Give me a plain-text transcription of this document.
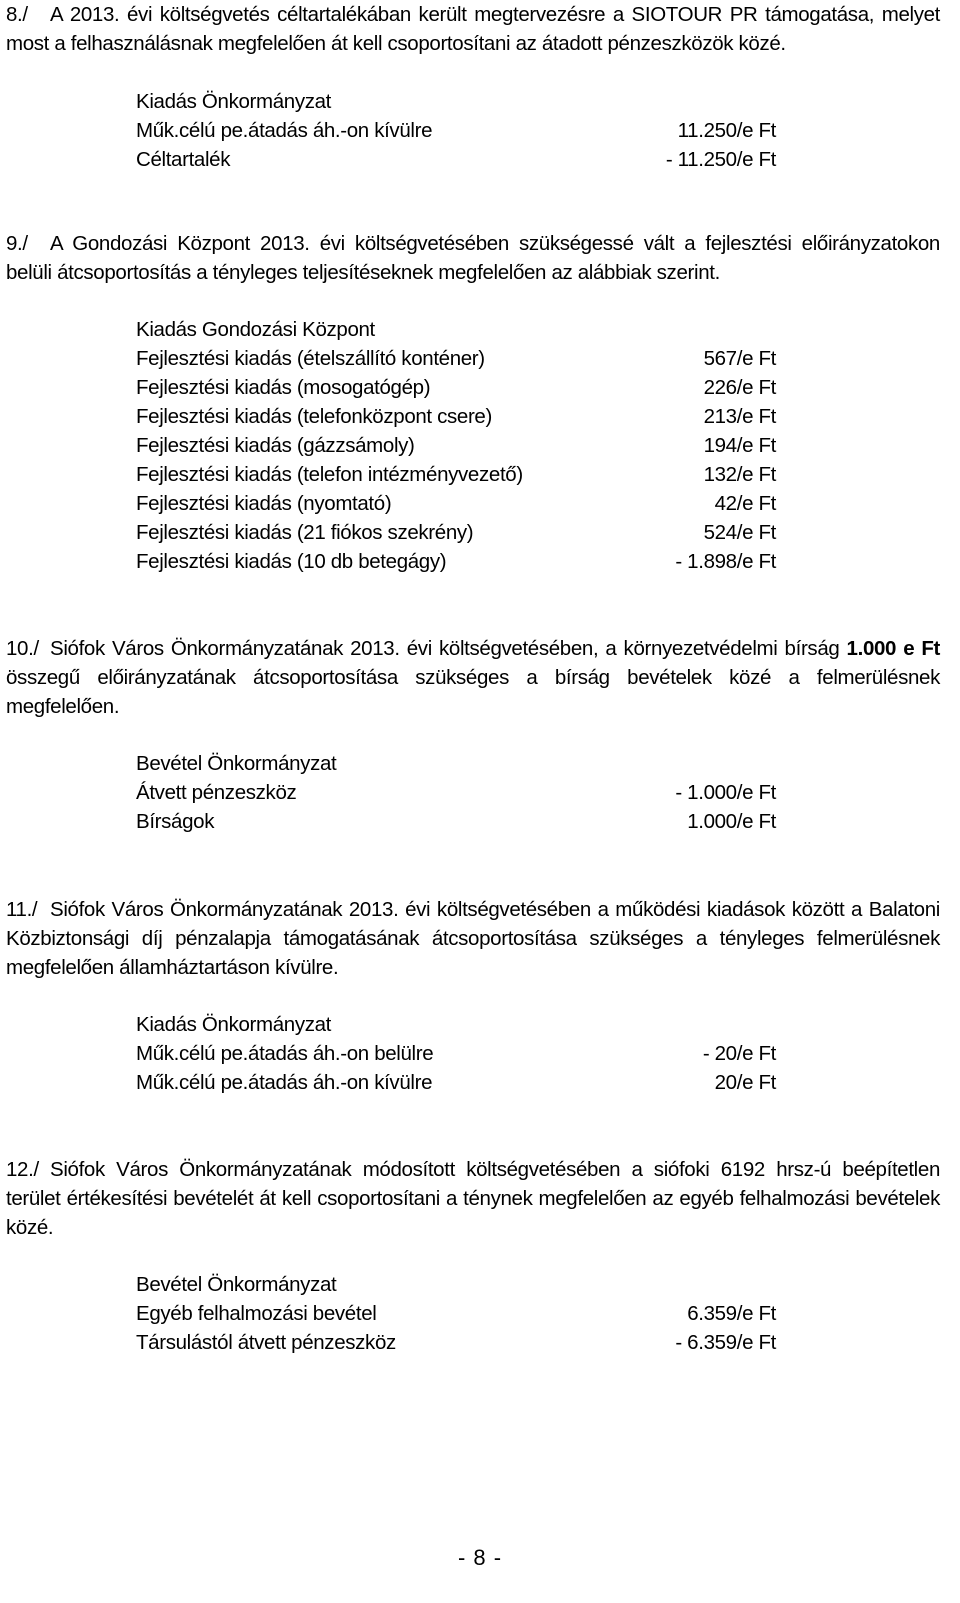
8./ A 2013. évi költségvetés céltartalékában került megtervezésre a SIOTOUR PR támogatása, melyet most a felhasználásnak megfelelően át kell csoportosítani az átadott pénzeszközök közé.
Kiadás Önkormányzat
Műk.célú pe.átadás áh.-on kívülre	11.250/e Ft
Céltartalék	- 11.250/e Ft
9./ A Gondozási Központ 2013. évi költségvetésében szükségessé vált a fejlesztési előirányzatokon belüli átcsoportosítás a tényleges teljesítéseknek megfelelően az alábbiak szerint.
Kiadás Gondozási Központ
Fejlesztési kiadás (ételszállító konténer)	567/e Ft
Fejlesztési kiadás (mosogatógép)	226/e Ft
Fejlesztési kiadás (telefonközpont csere)	213/e Ft
Fejlesztési kiadás (gázzsámoly)	194/e Ft
Fejlesztési kiadás (telefon intézményvezető)	132/e Ft
Fejlesztési kiadás (nyomtató)	42/e Ft
Fejlesztési kiadás (21 fiókos szekrény)	524/e Ft
Fejlesztési kiadás (10 db betegágy)	- 1.898/e Ft
10./ Siófok Város Önkormányzatának 2013. évi költségvetésében, a környezetvédelmi bírság 1.000 e Ft összegű előirányzatának átcsoportosítása szükséges a bírság bevételek közé a felmerülésnek megfelelően.
Bevétel Önkormányzat
Átvett pénzeszköz	- 1.000/e Ft
Bírságok	1.000/e Ft
11./ Siófok Város Önkormányzatának 2013. évi költségvetésében a működési kiadások között a Balatoni Közbiztonsági díj pénzalapja támogatásának átcsoportosítása szükséges a tényleges felmerülésnek megfelelően államháztartáson kívülre.
Kiadás Önkormányzat
Műk.célú pe.átadás áh.-on belülre	- 20/e Ft
Műk.célú pe.átadás áh.-on kívülre	20/e Ft
12./ Siófok Város Önkormányzatának módosított költségvetésében a siófoki 6192 hrsz-ú beépítetlen terület értékesítési bevételét át kell csoportosítani a ténynek megfelelően az egyéb felhalmozási bevételek közé.
Bevétel Önkormányzat
Egyéb felhalmozási bevétel	6.359/e Ft
Társulástól átvett pénzeszköz	- 6.359/e Ft
- 8 -
